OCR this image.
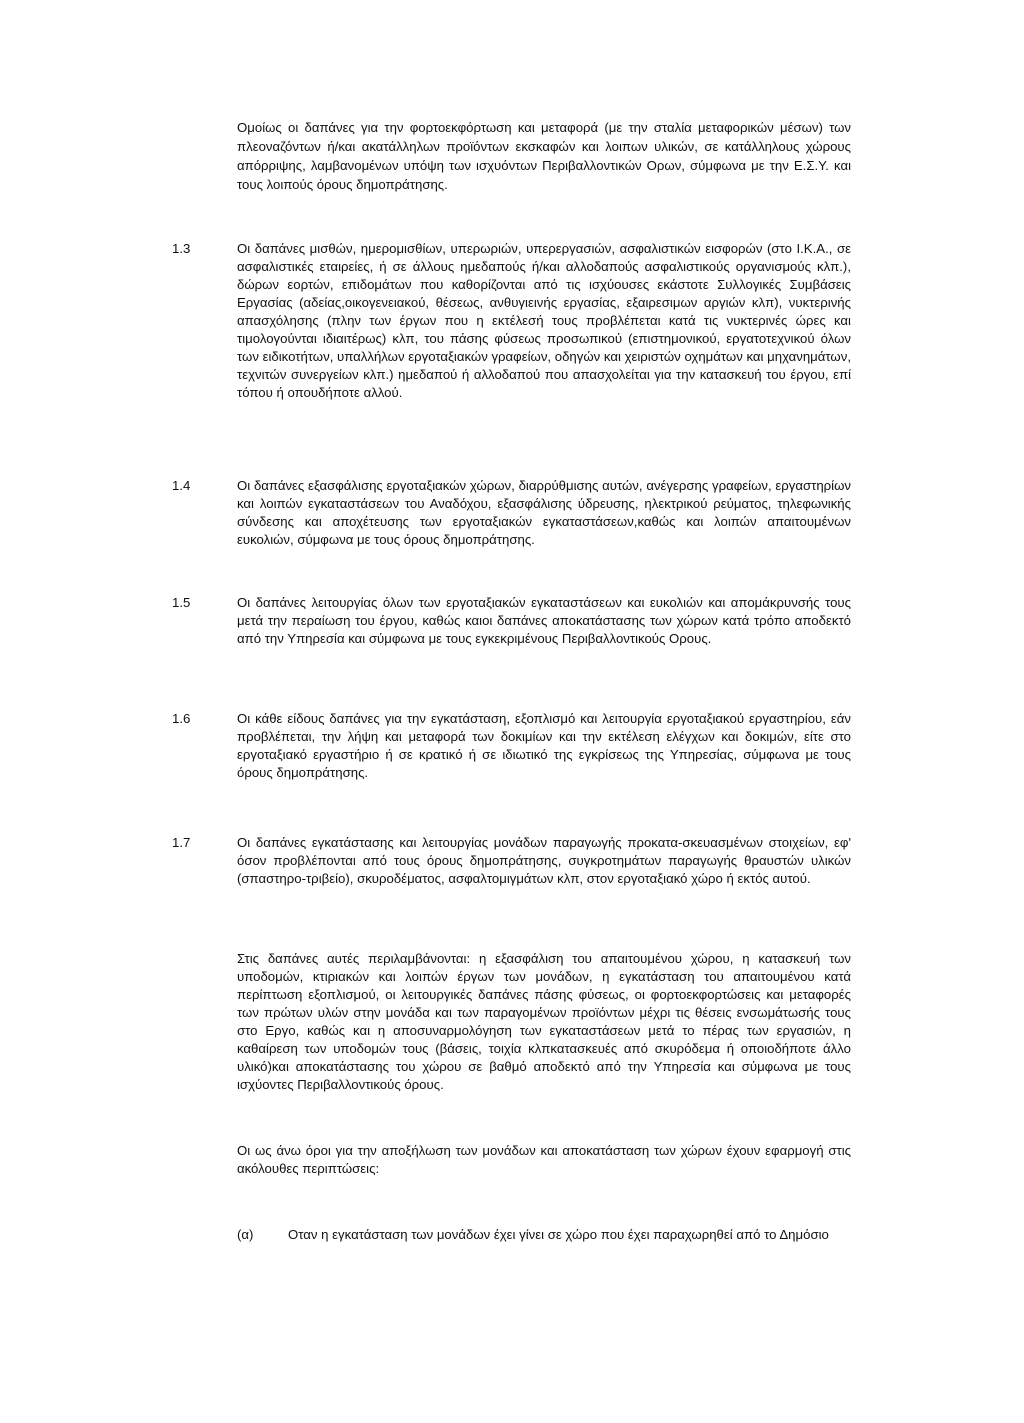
Ομοίως οι δαπάνες για την φορτοεκφόρτωση και μεταφορά (με την σταλία μεταφορικών μέσων) των πλεοναζόντων ή/και ακατάλληλων προϊόντων εκσκαφών και λοιπων υλικών, σε κατάλληλους χώρους απόρριψης, λαμβανομένων υπόψη των ισχυόντων Περιβαλλοντικών Ορων, σύμφωνα με την Ε.Σ.Υ. και τους λοιπούς όρους δημοπράτησης.

1.3	Οι δαπάνες μισθών, ημερομισθίων, υπερωριών, υπερεργασιών, ασφαλιστικών εισφορών (στο Ι.Κ.Α., σε ασφαλιστικές εταιρείες, ή σε άλλους ημεδαπούς ή/και αλλοδαπούς ασφαλιστικούς οργανισμούς κλπ.), δώρων εορτών, επιδομάτων που καθορίζονται από τις ισχύουσες εκάστοτε Συλλογικές Συμβάσεις Εργασίας (αδείας,οικογενειακού, θέσεως, ανθυγιεινής εργασίας, εξαιρεσιμων αργιών κλπ), νυκτερινής απασχόλησης (πλην των έργων που η εκτέλεσή τους προβλέπεται κατά τις νυκτερινές ώρες και τιμολογούνται ιδιαιτέρως) κλπ, του πάσης φύσεως προσωπικού (επιστημονικού, εργατοτεχνικού όλων των ειδικοτήτων, υπαλλήλων εργοταξιακών γραφείων, οδηγών και χειριστών οχημάτων και μηχανημάτων, τεχνιτών συνεργείων κλπ.) ημεδαπού ή αλλοδαπού που απασχολείται για την κατασκευή του έργου, επί τόπου ή οπουδήποτε αλλού.

1.4	Οι δαπάνες εξασφάλισης εργοταξιακών χώρων, διαρρύθμισης αυτών, ανέγερσης γραφείων, εργαστηρίων και λοιπών εγκαταστάσεων του Αναδόχου, εξασφάλισης ύδρευσης, ηλεκτρικού ρεύματος, τηλεφωνικής σύνδεσης και αποχέτευσης των εργοταξιακών εγκαταστάσεων,καθώς και λοιπών απαιτουμένων ευκολιών, σύμφωνα με τους όρους δημοπράτησης.

1.5	Οι δαπάνες λειτουργίας όλων των εργοταξιακών εγκαταστάσεων και ευκολιών και απομάκρυνσής τους μετά την περαίωση του έργου, καθώς καιοι δαπάνες αποκατάστασης των χώρων κατά τρόπο αποδεκτό από την Υπηρεσία και σύμφωνα με τους εγκεκριμένους Περιβαλλοντικούς Ορους.

1.6	Οι κάθε είδους δαπάνες για την εγκατάσταση, εξοπλισμό και λειτουργία εργοταξιακού εργαστηρίου, εάν προβλέπεται, την λήψη και μεταφορά των δοκιμίων και την εκτέλεση ελέγχων και δοκιμών, είτε στο εργοταξιακό εργαστήριο ή σε κρατικό ή σε ιδιωτικό της εγκρίσεως της Υπηρεσίας, σύμφωνα με τους όρους δημοπράτησης.

1.7	Οι δαπάνες εγκατάστασης και λειτουργίας μονάδων παραγωγής προκατα-σκευασμένων στοιχείων, εφ' όσον προβλέπονται από τους όρους δημοπράτησης, συγκροτημάτων παραγωγής θραυστών υλικών (σπαστηρο-τριβείο), σκυροδέματος, ασφαλτομιγμάτων κλπ, στον εργοταξιακό χώρο ή εκτός αυτού.

Στις δαπάνες αυτές περιλαμβάνονται: η εξασφάλιση του απαιτουμένου χώρου, η κατασκευή των υποδομών, κτιριακών και λοιπών έργων των μονάδων, η εγκατάσταση του απαιτουμένου κατά περίπτωση εξοπλισμού, οι λειτουργικές δαπάνες πάσης φύσεως, οι φορτοεκφορτώσεις και μεταφορές των πρώτων υλών στην μονάδα και των παραγομένων προϊόντων μέχρι τις θέσεις ενσωμάτωσής τους στο Εργο, καθώς και η αποσυναρμολόγηση των εγκαταστάσεων μετά το πέρας των εργασιών, η καθαίρεση των υποδομών τους (βάσεις, τοιχία κλπκατασκευές από σκυρόδεμα ή οποιοδήποτε άλλο υλικό)και αποκατάστασης του χώρου σε βαθμό αποδεκτό από την Υπηρεσία και σύμφωνα με τους ισχύοντες Περιβαλλοντικούς όρους.

Οι ως άνω όροι για την αποξήλωση των μονάδων και αποκατάσταση των χώρων έχουν εφαρμογή στις ακόλουθες περιπτώσεις:

(α)	Οταν η εγκατάσταση των μονάδων έχει γίνει σε χώρο που έχει παραχωρηθεί από το Δημόσιο
